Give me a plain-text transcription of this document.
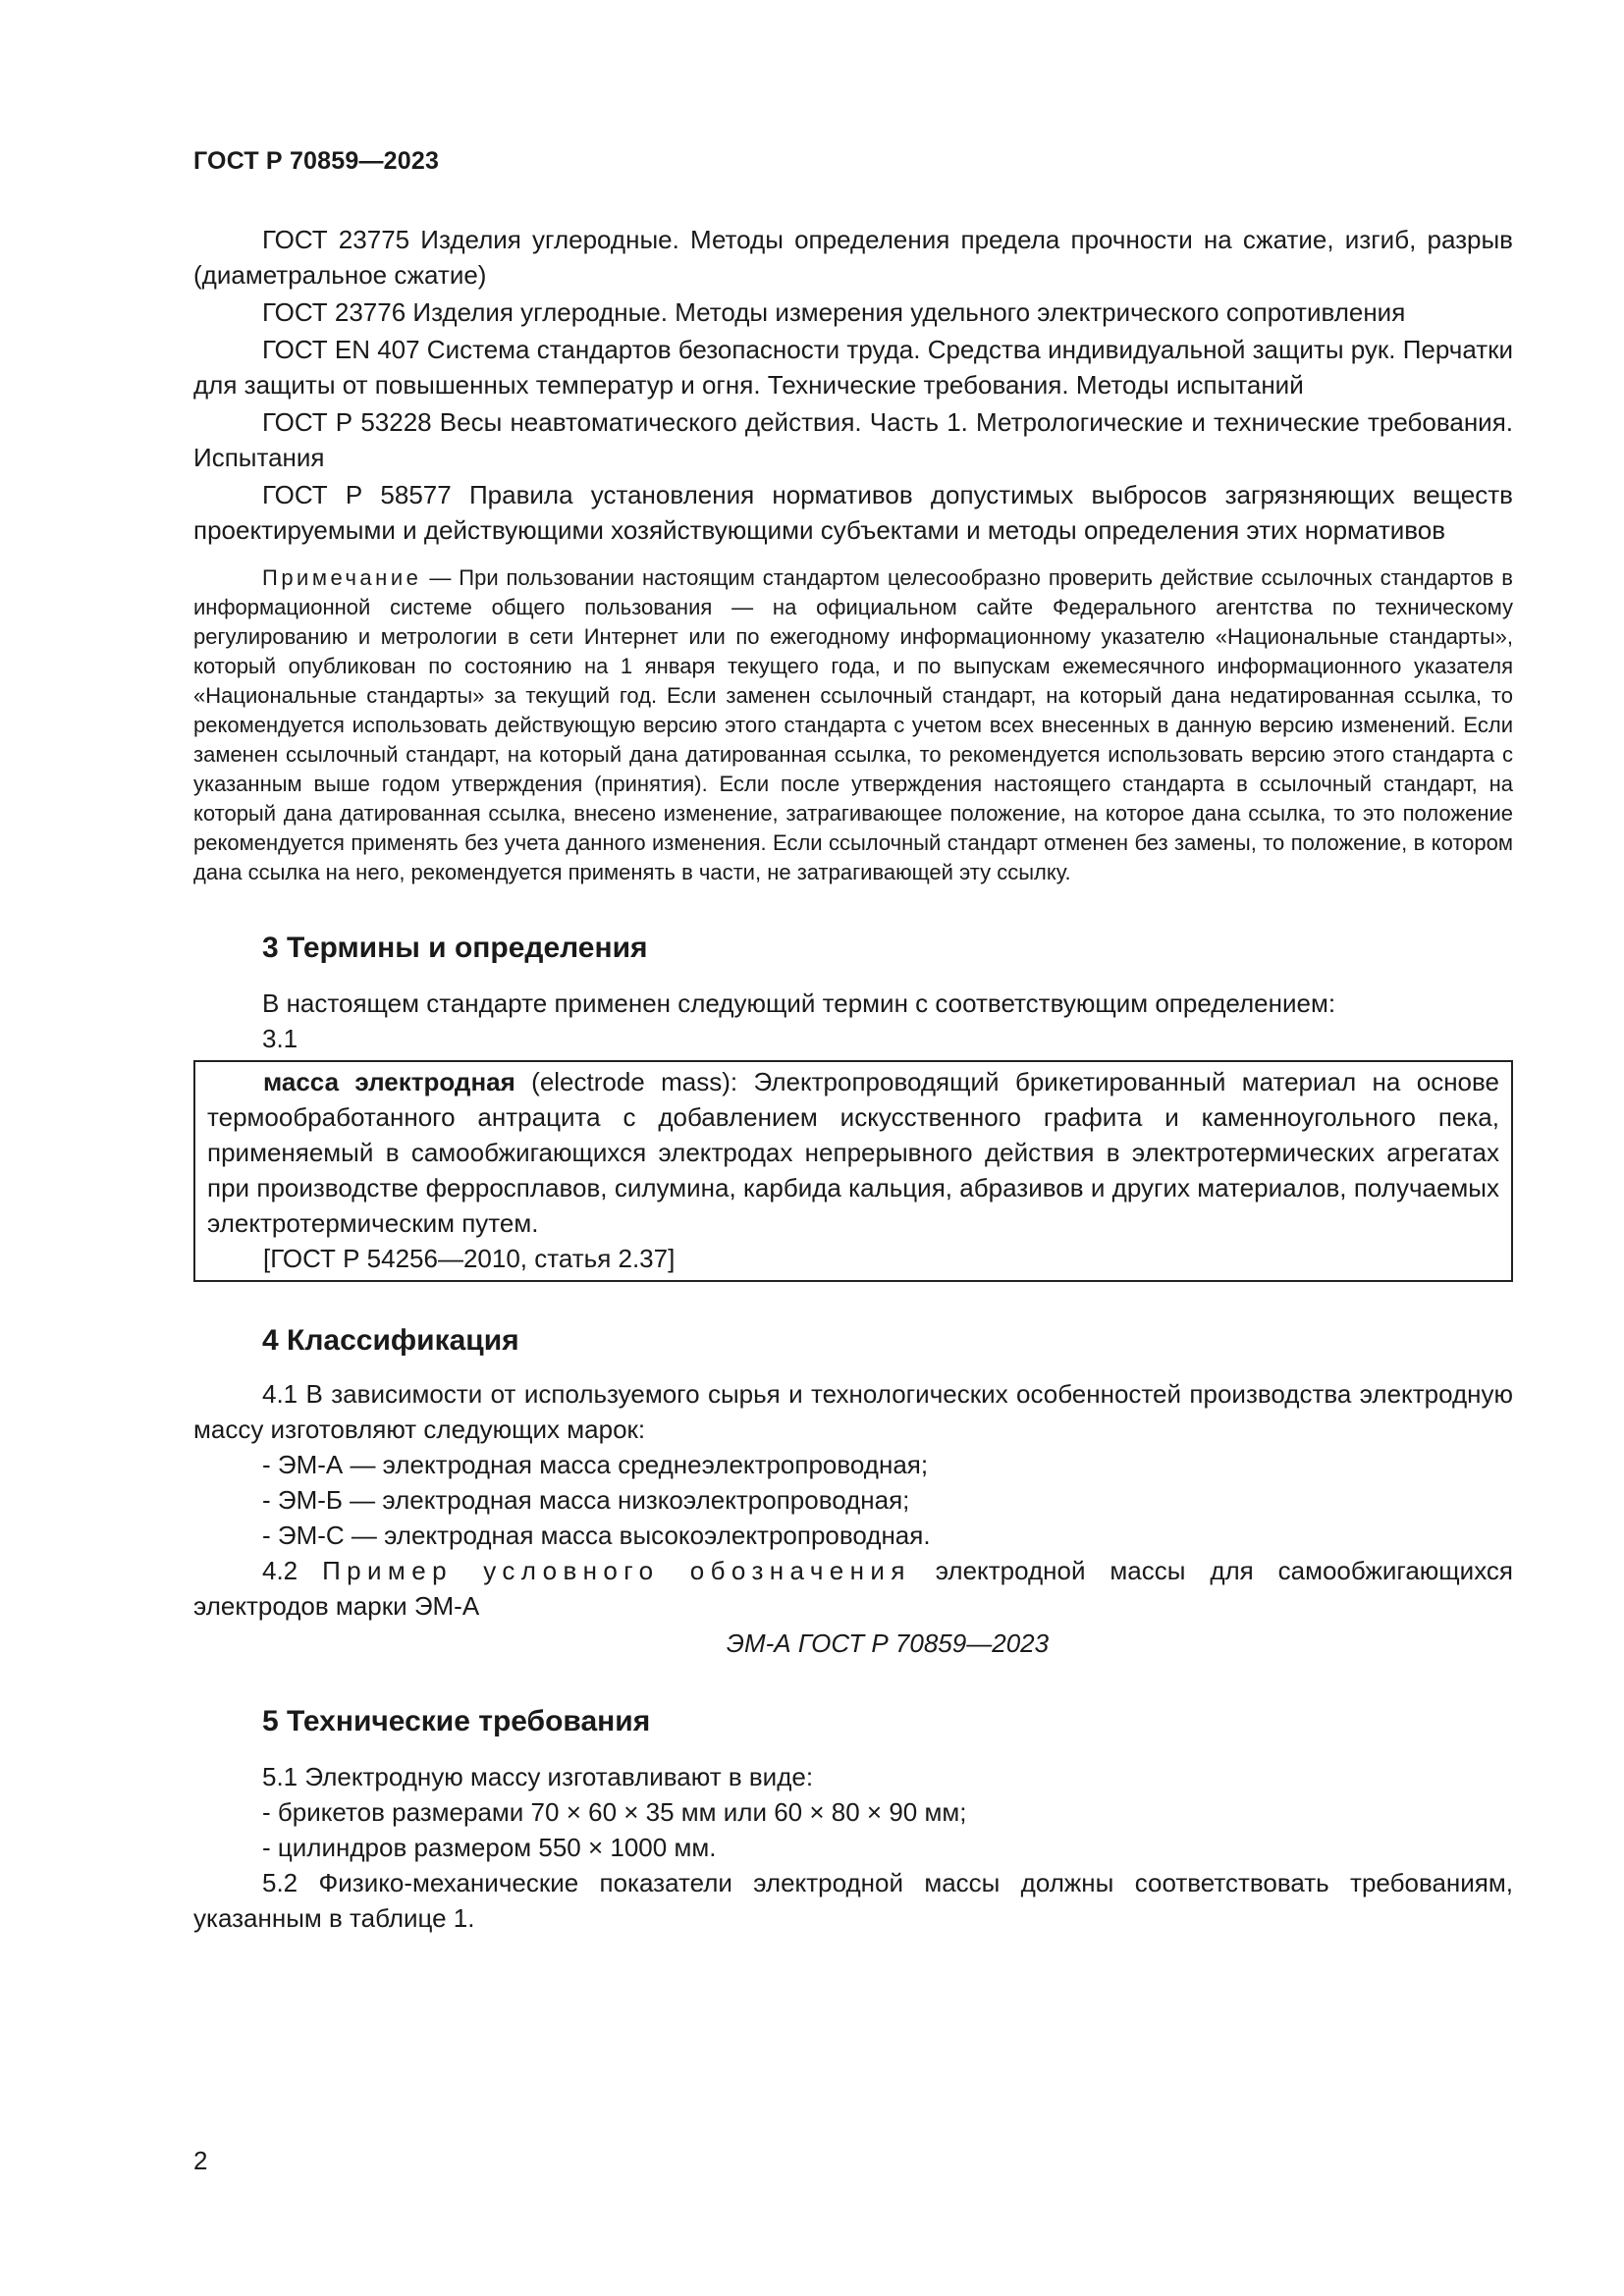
ГОСТ Р 70859—2023

ГОСТ 23775 Изделия углеродные. Методы определения предела прочности на сжатие, изгиб, разрыв (диаметральное сжатие)

ГОСТ 23776 Изделия углеродные. Методы измерения удельного электрического сопротивления

ГОСТ EN 407 Система стандартов безопасности труда. Средства индивидуальной защиты рук. Перчатки для защиты от повышенных температур и огня. Технические требования. Методы испытаний

ГОСТ Р 53228 Весы неавтоматического действия. Часть 1. Метрологические и технические требования. Испытания

ГОСТ Р 58577 Правила установления нормативов допустимых выбросов загрязняющих веществ проектируемыми и действующими хозяйствующими субъектами и методы определения этих нормативов

Примечание — При пользовании настоящим стандартом целесообразно проверить действие ссылочных стандартов в информационной системе общего пользования — на официальном сайте Федерального агентства по техническому регулированию и метрологии в сети Интернет или по ежегодному информационному указателю «Национальные стандарты», который опубликован по состоянию на 1 января текущего года, и по выпускам ежемесячного информационного указателя «Национальные стандарты» за текущий год. Если заменен ссылочный стандарт, на который дана недатированная ссылка, то рекомендуется использовать действующую версию этого стандарта с учетом всех внесенных в данную версию изменений. Если заменен ссылочный стандарт, на который дана датированная ссылка, то рекомендуется использовать версию этого стандарта с указанным выше годом утверждения (принятия). Если после утверждения настоящего стандарта в ссылочный стандарт, на который дана датированная ссылка, внесено изменение, затрагивающее положение, на которое дана ссылка, то это положение рекомендуется применять без учета данного изменения. Если ссылочный стандарт отменен без замены, то положение, в котором дана ссылка на него, рекомендуется применять в части, не затрагивающей эту ссылку.

3 Термины и определения

В настоящем стандарте применен следующий термин с соответствующим определением:

3.1

масса электродная (electrode mass): Электропроводящий брикетированный материал на основе термообработанного антрацита с добавлением искусственного графита и каменноугольного пека, применяемый в самообжигающихся электродах непрерывного действия в электротермических агрегатах при производстве ферросплавов, силумина, карбида кальция, абразивов и других материалов, получаемых электротермическим путем.

[ГОСТ Р 54256—2010, статья 2.37]

4 Классификация

4.1 В зависимости от используемого сырья и технологических особенностей производства электродную массу изготовляют следующих марок:

- ЭМ-А — электродная масса среднеэлектропроводная;

- ЭМ-Б — электродная масса низкоэлектропроводная;

- ЭМ-С — электродная масса высокоэлектропроводная.

4.2 Пример условного обозначения электродной массы для самообжигающихся электродов марки ЭМ-А

ЭМ-А ГОСТ Р 70859—2023

5 Технические требования

5.1 Электродную массу изготавливают в виде:

- брикетов размерами 70 × 60 × 35 мм или 60 × 80 × 90 мм;

- цилиндров размером 550 × 1000 мм.

5.2 Физико-механические показатели электродной массы должны соответствовать требованиям, указанным в таблице 1.

2
